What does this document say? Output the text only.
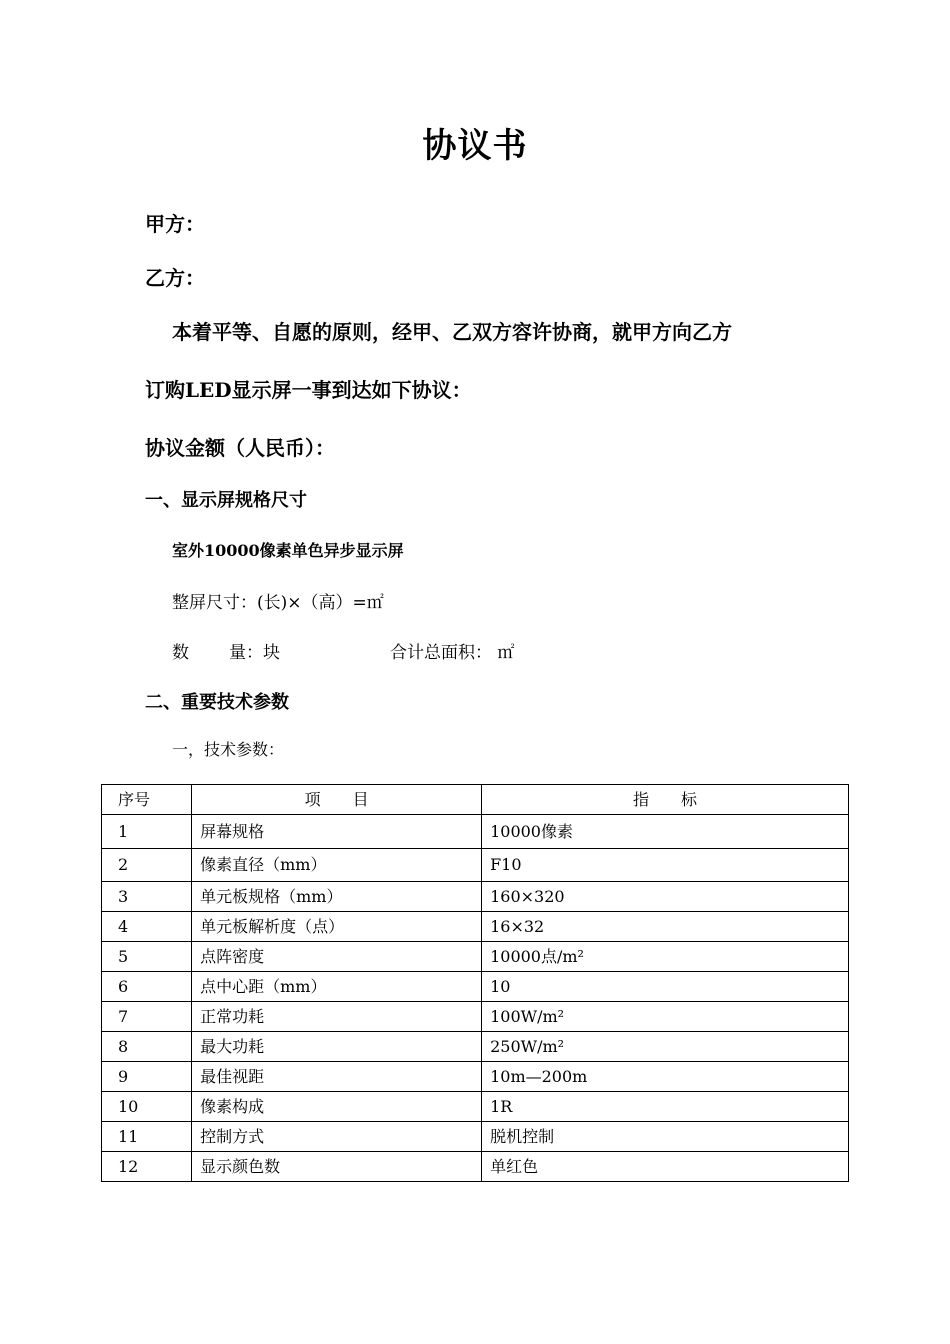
协议书
甲方：
乙方：
本着平等、自愿的原则，经甲、乙双方容许协商，就甲方向乙方
订购LED显示屏一事到达如下协议：
协议金额（人民币）：
一、显示屏规格尺寸
室外10000像素单色异步显示屏
整屏尺寸：(长)×（高）=㎡
数 量：块	合计总面积： ㎡
二、重要技术参数
一，技术参数：
序号	项　　目	指　　标
1	屏幕规格	10000像素
2	像素直径（mm）	F10
3	单元板规格（mm）	160×320
4	单元板解析度（点）	16×32
5	点阵密度	10000点/m²
6	点中心距（mm）	10
7	正常功耗	100W/m²
8	最大功耗	250W/m²
9	最佳视距	10m—200m
10	像素构成	1R
11	控制方式	脱机控制
12	显示颜色数	单红色
